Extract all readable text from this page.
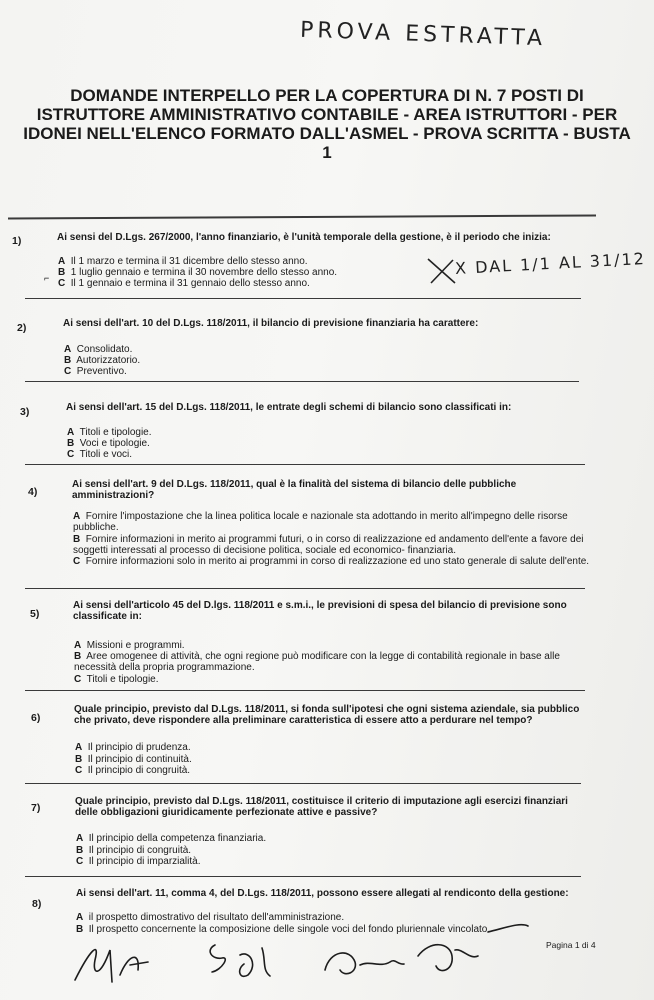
PROVA ESTRATTA
DOMANDE INTERPELLO PER LA COPERTURA DI N. 7 POSTI DI ISTRUTTORE AMMINISTRATIVO CONTABILE - AREA ISTRUTTORI - PER IDONEI NELL'ELENCO FORMATO DALL'ASMEL - PROVA SCRITTA - BUSTA 1
1)	Ai sensi del D.Lgs. 267/2000, l'anno finanziario, è l'unità temporale della gestione, è il periodo che inizia:
A Il 1 marzo e termina il 31 dicembre dello stesso anno.
B 1 luglio gennaio e termina il 30 novembre dello stesso anno.
C Il 1 gennaio e termina il 31 gennaio dello stesso anno.
⌐
X DAL 1/1 AL 31/12
2)	Ai sensi dell'art. 10 del D.Lgs. 118/2011, il bilancio di previsione finanziaria ha carattere:
A Consolidato.
B Autorizzatorio.
C Preventivo.
3)	Ai sensi dell'art. 15 del D.Lgs. 118/2011, le entrate degli schemi di bilancio sono classificati in:
A Titoli e tipologie.
B Voci e tipologie.
C Titoli e voci.
4)
Ai sensi dell'art. 9 del D.Lgs. 118/2011, qual è la finalità del sistema di bilancio delle pubbliche amministrazioni?
A Fornire l'impostazione che la linea politica locale e nazionale sta adottando in merito all'impegno delle risorse pubbliche.
B Fornire informazioni in merito ai programmi futuri, o in corso di realizzazione ed andamento dell'ente a favore dei soggetti interessati al processo di decisione politica, sociale ed economico- finanziaria.
C Fornire informazioni solo in merito ai programmi in corso di realizzazione ed uno stato generale di salute dell'ente.
5)
Ai sensi dell'articolo 45 del D.lgs. 118/2011 e s.m.i., le previsioni di spesa del bilancio di previsione sono classificate in:
A Missioni e programmi.
B Aree omogenee di attività, che ogni regione può modificare con la legge di contabilità regionale in base alle necessità della propria programmazione.
C Titoli e tipologie.
6)
Quale principio, previsto dal D.Lgs. 118/2011, si fonda sull'ipotesi che ogni sistema aziendale, sia pubblico che privato, deve rispondere alla preliminare caratteristica di essere atto a perdurare nel tempo?
A Il principio di prudenza.
B Il principio di continuità.
C Il principio di congruità.
7)
Quale principio, previsto dal D.Lgs. 118/2011, costituisce il criterio di imputazione agli esercizi finanziari delle obbligazioni giuridicamente perfezionate attive e passive?
A Il principio della competenza finanziaria.
B Il principio di congruità.
C Il principio di imparzialità.
8)
Ai sensi dell'art. 11, comma 4, del D.Lgs. 118/2011, possono essere allegati al rendiconto della gestione:
A il prospetto dimostrativo del risultato dell'amministrazione.
B Il prospetto concernente la composizione delle singole voci del fondo pluriennale vincolato.
Pagina 1 di 4
